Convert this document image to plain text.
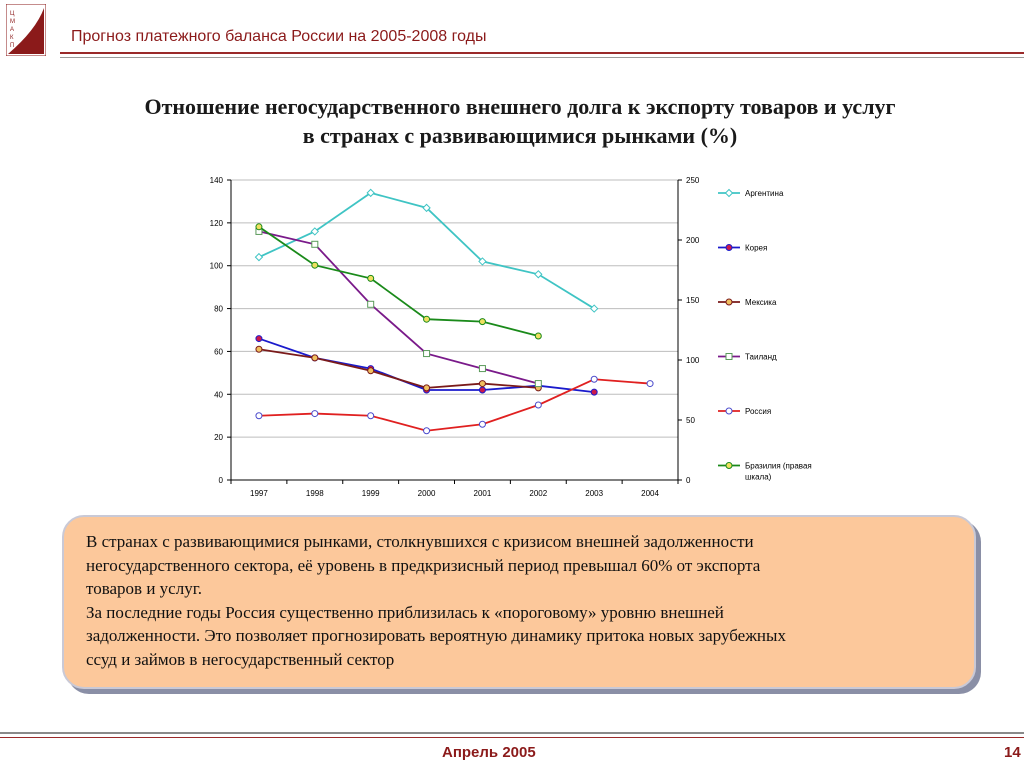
Ц
М
А
К
П
Прогноз платежного баланса России на 2005-2008 годы
Отношение негосударственного внешнего долга к экспорту товаров и услуг
в странах с развивающимися рынками (%)
0
20
40
60
80
100
120
140
0
50
100
150
200
250
1997	1998	1999	2000	2001	2002	2003	2004
Аргентина
Корея
Мексика
Таиланд
Россия
Бразилия (правая
шкала)

В странах с развивающимися рынками, столкнувшихся с кризисом внешней задолженности

негосударственного сектора, её уровень в предкризисный период превышал 60% от экспорта

товаров и услуг.

За последние годы Россия существенно приблизилась к «пороговому» уровню внешней

задолженности. Это позволяет прогнозировать вероятную динамику притока новых зарубежных

ссуд и займов в негосударственный сектор

Апрель 2005	14
